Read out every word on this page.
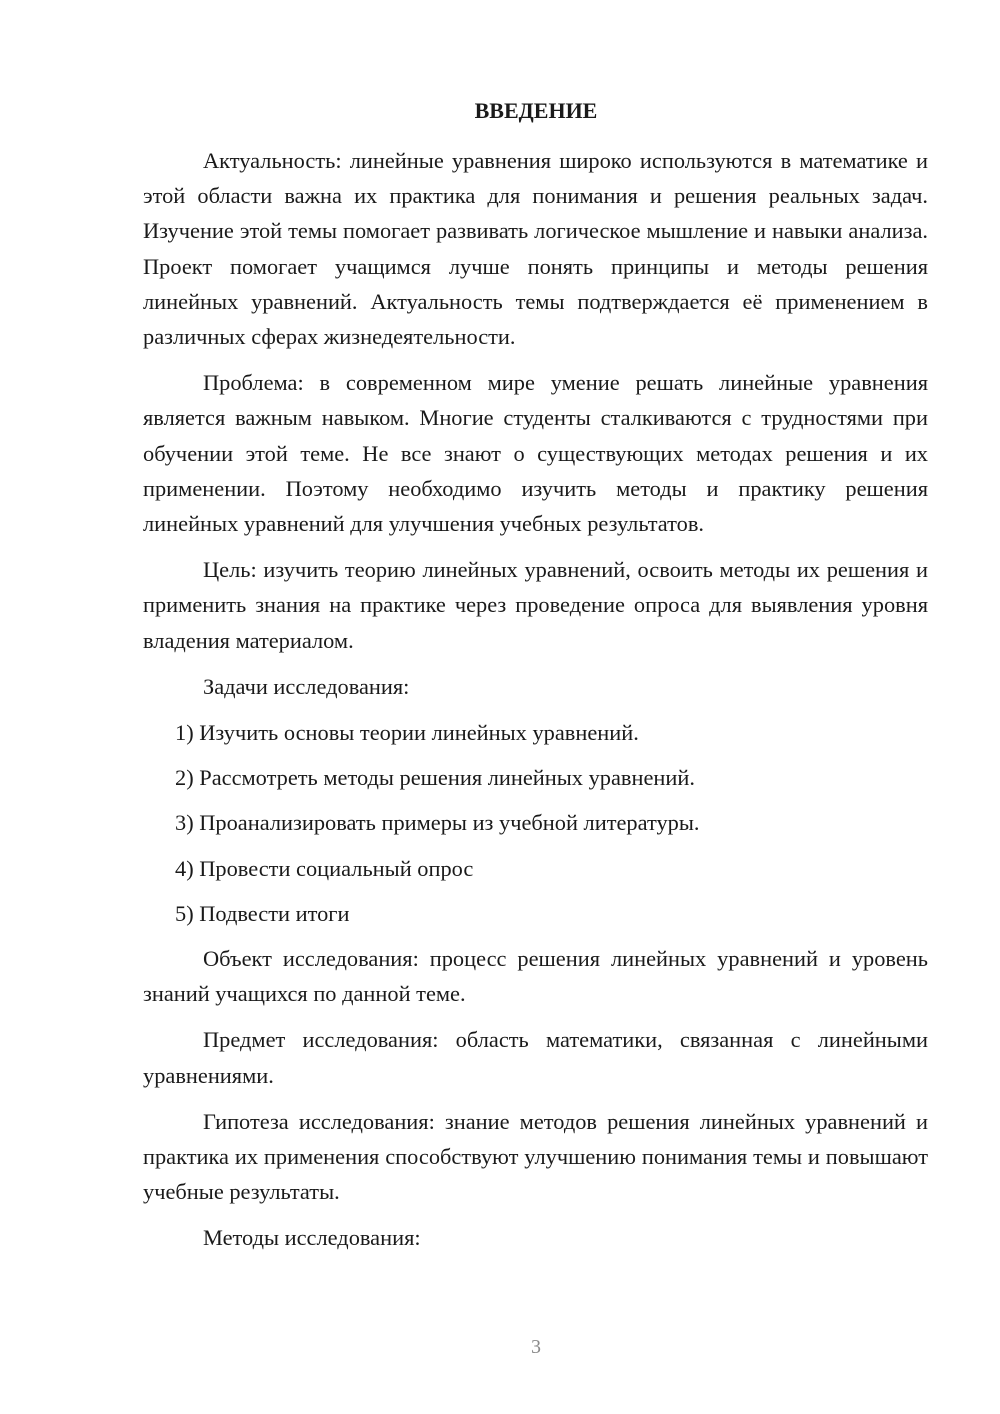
ВВЕДЕНИЕ

Актуальность: линейные уравнения широко используются в математике и этой области важна их практика для понимания и решения реальных задач. Изучение этой темы помогает развивать логическое мышление и навыки анализа. Проект помогает учащимся лучше понять принципы и методы решения линейных уравнений. Актуальность темы подтверждается её применением в различных сферах жизнедеятельности.

Проблема: в современном мире умение решать линейные уравнения является важным навыком. Многие студенты сталкиваются с трудностями при обучении этой теме. Не все знают о существующих методах решения и их применении. Поэтому необходимо изучить методы и практику решения линейных уравнений для улучшения учебных результатов.

Цель: изучить теорию линейных уравнений, освоить методы их решения и применить знания на практике через проведение опроса для выявления уровня владения материалом.

Задачи исследования:

1) Изучить основы теории линейных уравнений.

2) Рассмотреть методы решения линейных уравнений.

3) Проанализировать примеры из учебной литературы.

4) Провести социальный опрос

5) Подвести итоги

Объект исследования: процесс решения линейных уравнений и уровень знаний учащихся по данной теме.

Предмет исследования: область математики, связанная с линейными уравнениями.

Гипотеза исследования: знание методов решения линейных уравнений и практика их применения способствуют улучшению понимания темы и повышают учебные результаты.

Методы исследования:

3
